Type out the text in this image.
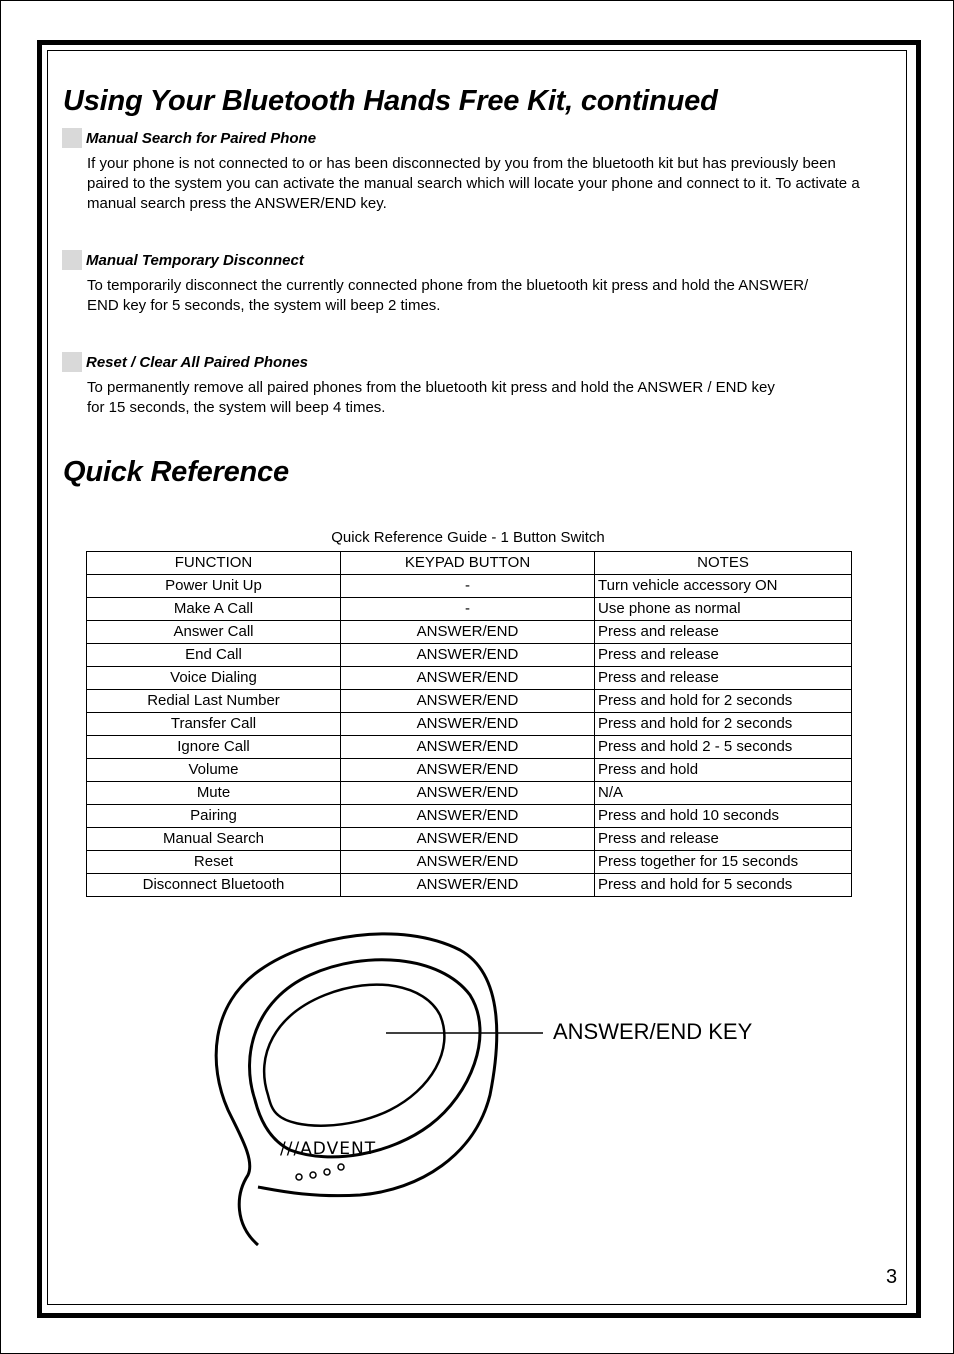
Using Your Bluetooth Hands Free Kit, continued
Manual Search for Paired Phone
If your phone is not connected to or has been disconnected by you from the bluetooth kit but has previously been
paired to the system you can activate the manual search which will locate your phone and connect to it. To activate a
manual search press the ANSWER/END key.
Manual Temporary Disconnect
To temporarily disconnect the currently connected phone from the bluetooth kit press and hold the ANSWER/
END key for 5 seconds, the system will beep 2 times.
Reset / Clear All Paired Phones
To permanently remove all paired phones from the bluetooth kit press and hold the ANSWER / END key
for 15 seconds, the system will beep 4 times.
Quick Reference
Quick Reference Guide - 1 Button Switch
FUNCTION	KEYPAD BUTTON	NOTES
Power Unit Up	-	Turn vehicle accessory ON
Make A Call	-	Use phone as normal
Answer Call	ANSWER/END	Press and release
End Call	ANSWER/END	Press and release
Voice Dialing	ANSWER/END	Press and release
Redial Last Number	ANSWER/END	Press and hold for 2 seconds
Transfer Call	ANSWER/END	Press and hold for 2 seconds
Ignore Call	ANSWER/END	Press and hold 2 - 5 seconds
Volume	ANSWER/END	Press and hold
Mute	ANSWER/END	N/A
Pairing	ANSWER/END	Press and hold 10 seconds
Manual Search	ANSWER/END	Press and release
Reset	ANSWER/END	Press together for 15 seconds
Disconnect Bluetooth	ANSWER/END	Press and hold for 5 seconds
///ADVENT
ANSWER/END KEY
3
